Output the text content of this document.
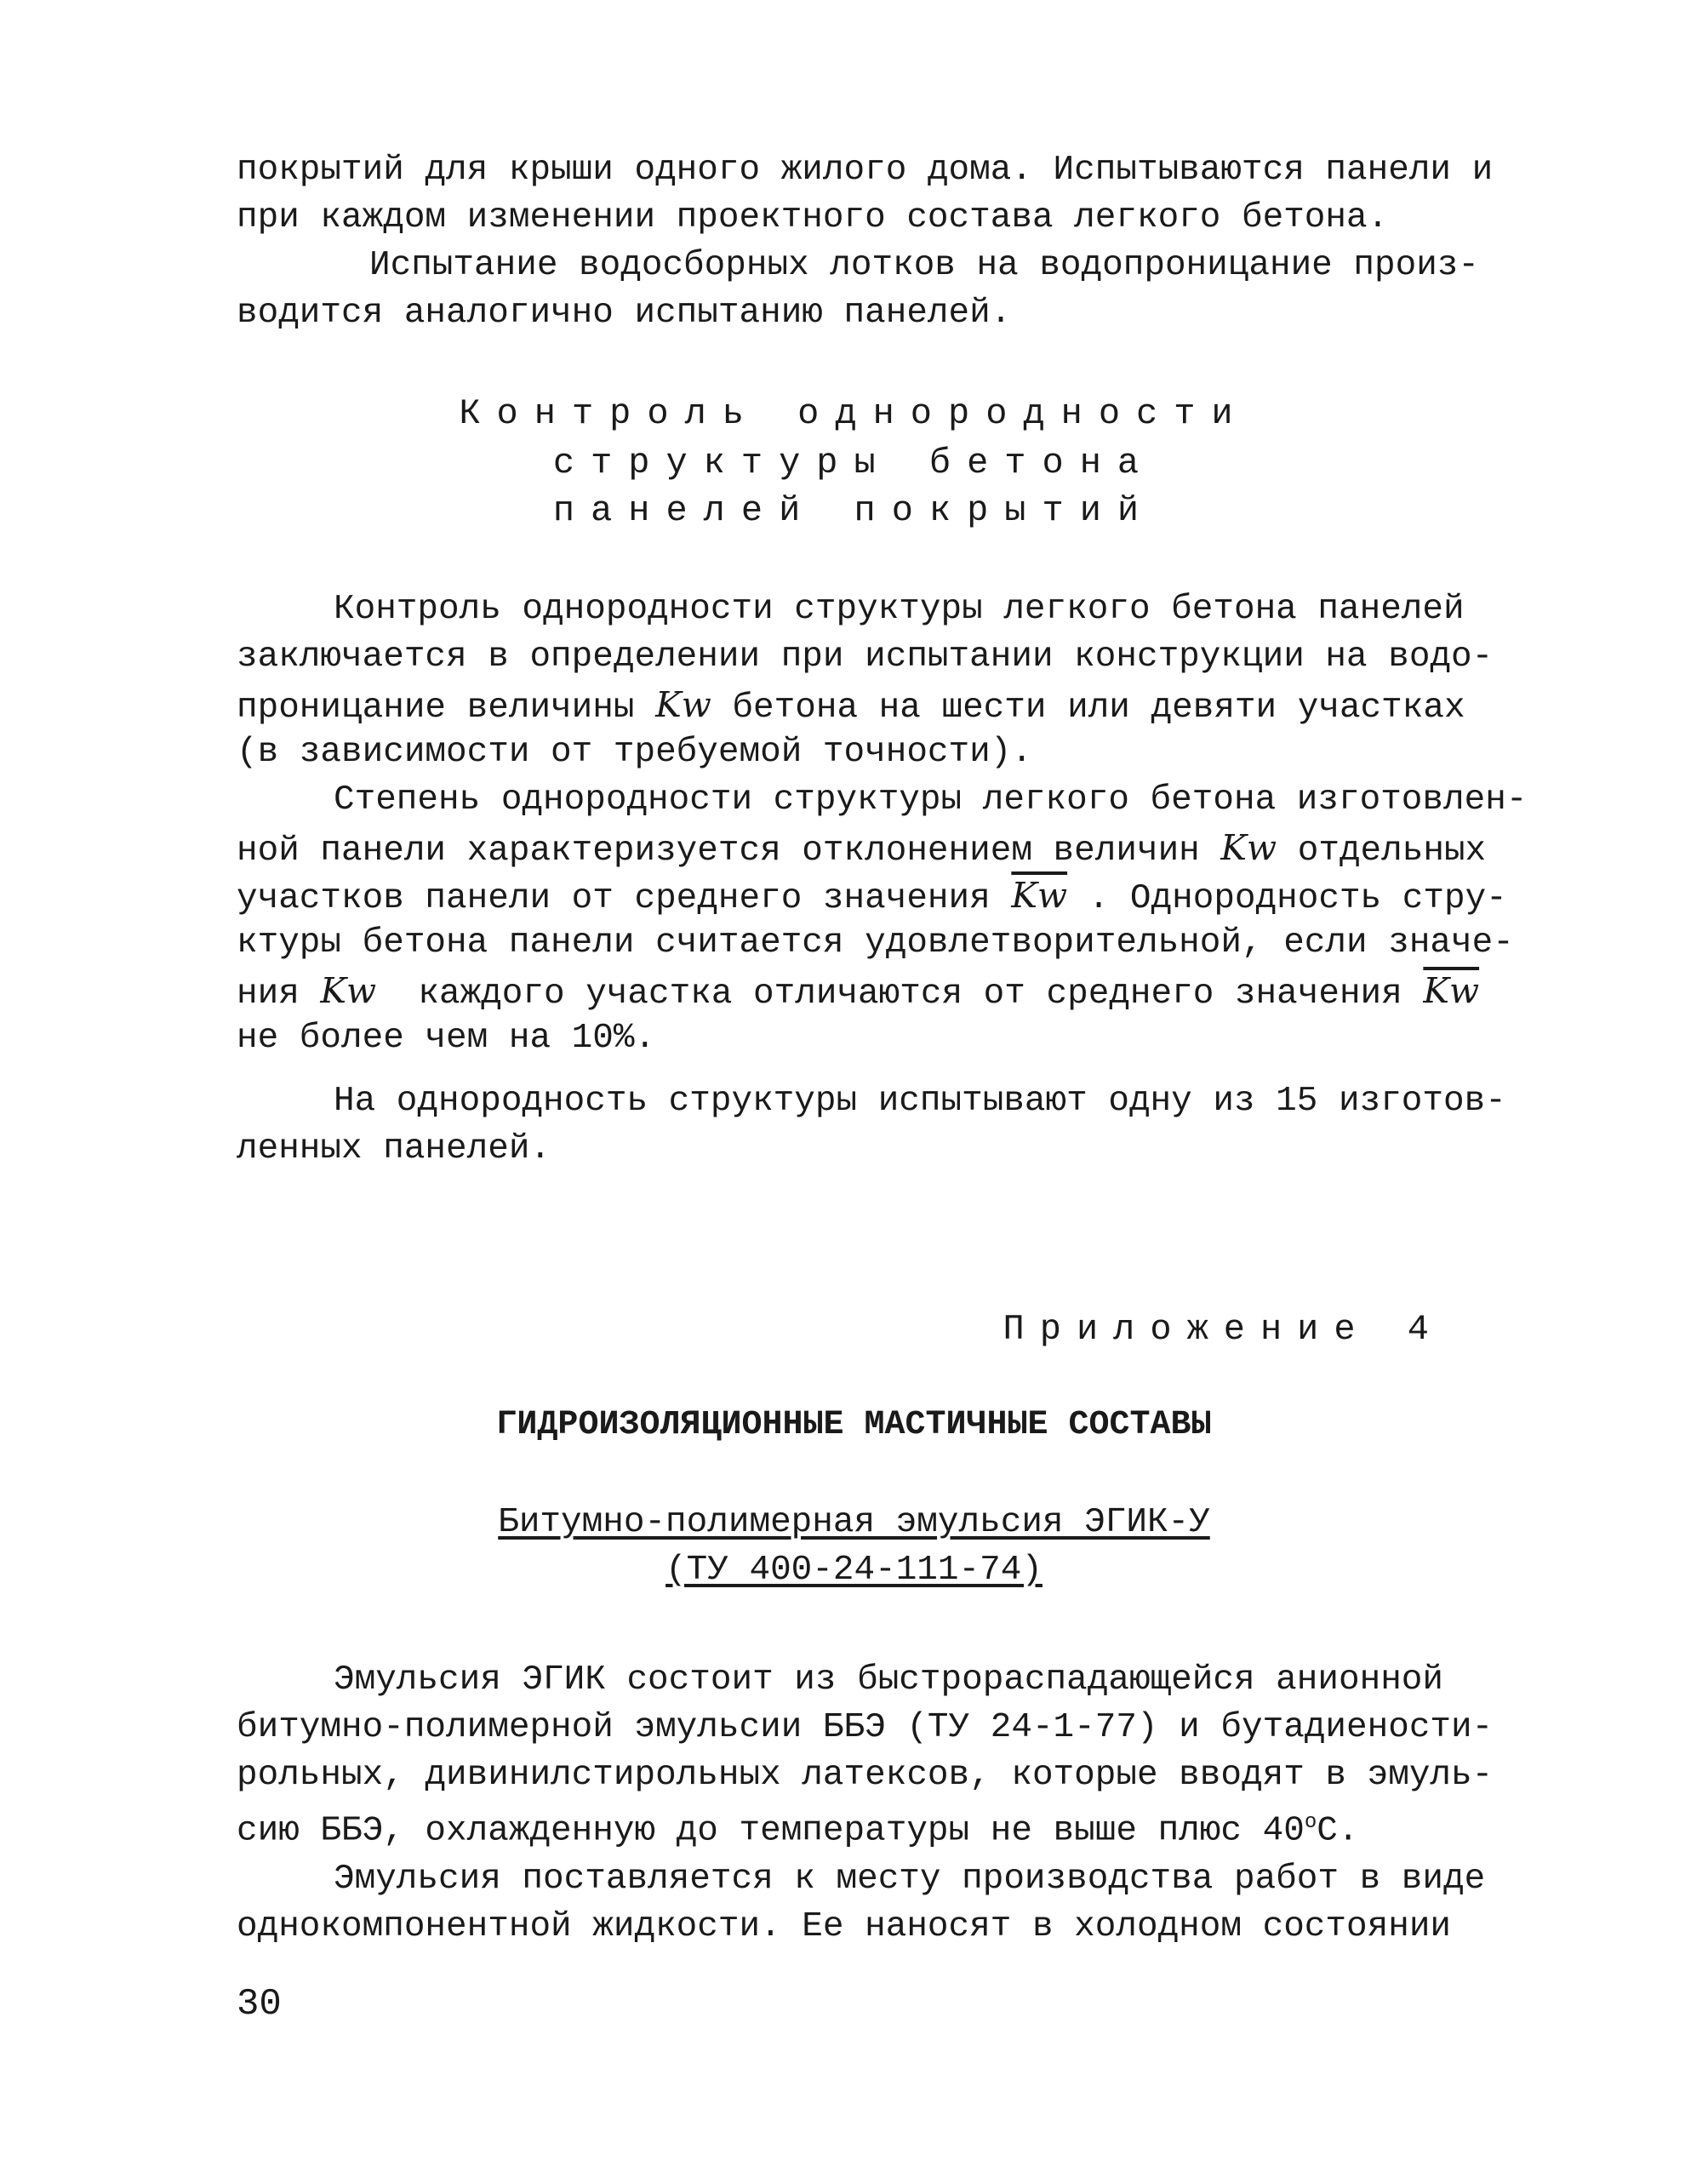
покрытий для крыши одного жилого дома. Испытываются панели и
при каждом изменении проектного состава легкого бетона.
Испытание водосборных лотков на водопроницание произ-
водится аналогично испытанию панелей.
Контроль однородности
структуры бетона
панелей покрытий
Контроль однородности структуры легкого бетона панелей
заключается в определении при испытании конструкции на водо-
проницание величины Kw бетона на шести или девяти участках
(в зависимости от требуемой точности).
Степень однородности структуры легкого бетона изготовлен-
ной панели характеризуется отклонением величин Kw отдельных
участков панели от среднего значения $\overline{Kw}$ . Однородность стру-
ктуры бетона панели считается удовлетворительной, если значе-
ния Kw  каждого участка отличаются от среднего значения $\overline{Kw}$
не более чем на 10%.
На однородность структуры испытывают одну из 15 изготов-
ленных панелей.
Приложение 4
ГИДРОИЗОЛЯЦИОННЫЕ МАСТИЧНЫЕ СОСТАВЫ
Битумно-полимерная эмульсия ЭГИК-У
(ТУ 400-24-111-74)
Эмульсия ЭГИК состоит из быстрораспадающейся анионной
битумно-полимерной эмульсии ББЭ (ТУ 24-1-77) и бутадиености-
рольных, дивинилстирольных латексов, которые вводят в эмуль-
сию ББЭ, охлажденную до температуры не выше плюс $40^оС$.
Эмульсия поставляется к месту производства работ в виде
однокомпонентной жидкости. Ее наносят в холодном состоянии
30
